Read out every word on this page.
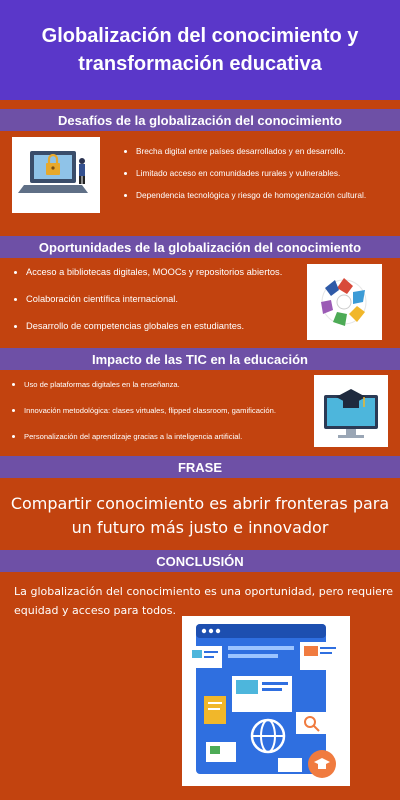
Globalización del conocimiento y transformación educativa
Desafíos de la globalización del conocimiento
Brecha digital entre países desarrollados y en desarrollo.
Limitado acceso en comunidades rurales y vulnerables.
Dependencia tecnológica y riesgo de homogenización cultural.
Oportunidades de la globalización del conocimiento
Acceso a bibliotecas digitales, MOOCs y repositorios abiertos.
Colaboración científica internacional.
Desarrollo de competencias globales en estudiantes.
Impacto de las TIC en la educación
Uso de plataformas digitales en la enseñanza.
Innovación metodológica: clases virtuales, flipped classroom, gamificación.
Personalización del aprendizaje gracias a la inteligencia artificial.
FRASE
Compartir conocimiento es abrir fronteras para un futuro más justo e innovador
CONCLUSIÓN
La globalización del conocimiento es una oportunidad, pero requiere equidad y acceso para todos.
